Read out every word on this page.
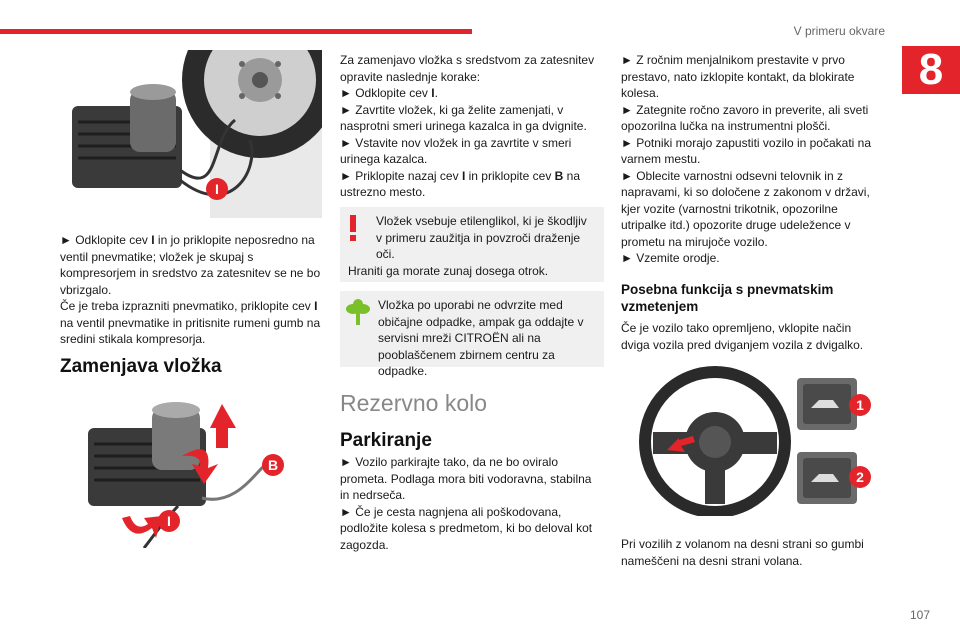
V primeru okvare
8
107
I

► Odklopite cev I in jo priklopite neposredno na ventil pnevmatike; vložek je skupaj s kompresorjem in sredstvo za zatesnitev se ne bo vbrizgalo.

Če je treba izprazniti pnevmatiko, priklopite cev I na ventil pnevmatike in pritisnite rumeni gumb na sredini stikala kompresorja.

Zamenjava vložka
B
I

Za zamenjavo vložka s sredstvom za zatesnitev opravite naslednje korake:

► Odklopite cev I.

► Zavrtite vložek, ki ga želite zamenjati, v nasprotni smeri urinega kazalca in ga dvignite.

► Vstavite nov vložek in ga zavrtite v smeri urinega kazalca.

► Priklopite nazaj cev I in priklopite cev B na ustrezno mesto.

Vložek vsebuje etilenglikol, ki je škodljiv v primeru zaužitja in povzroči draženje oči.

Hraniti ga morate zunaj dosega otrok.

Vložka po uporabi ne odvrzite med običajne odpadke, ampak ga oddajte v servisni mreži CITROËN ali na pooblaščenem zbirnem centru za odpadke.

Rezervno kolo
Parkiranje

► Vozilo parkirajte tako, da ne bo oviralo prometa. Podlaga mora biti vodoravna, stabilna in nedrseča.

► Če je cesta nagnjena ali poškodovana, podložite kolesa s predmetom, ki bo deloval kot zagozda.

► Z ročnim menjalnikom prestavite v prvo prestavo, nato izklopite kontakt, da blokirate kolesa.

► Zategnite ročno zavoro in preverite, ali sveti opozorilna lučka na instrumentni plošči.

► Potniki morajo zapustiti vozilo in počakati na varnem mestu.

► Oblecite varnostni odsevni telovnik in z napravami, ki so določene z zakonom v državi, kjer vozite (varnostni trikotnik, opozorilne utripalke itd.) opozorite druge udeležence v prometu na mirujoče vozilo.

► Vzemite orodje.

Posebna funkcija s pnevmatskim vzmetenjem

Če je vozilo tako opremljeno, vklopite način dviga vozila pred dviganjem vozila z dvigalko.

1
2

Pri vozilih z volanom na desni strani so gumbi nameščeni na desni strani volana.
